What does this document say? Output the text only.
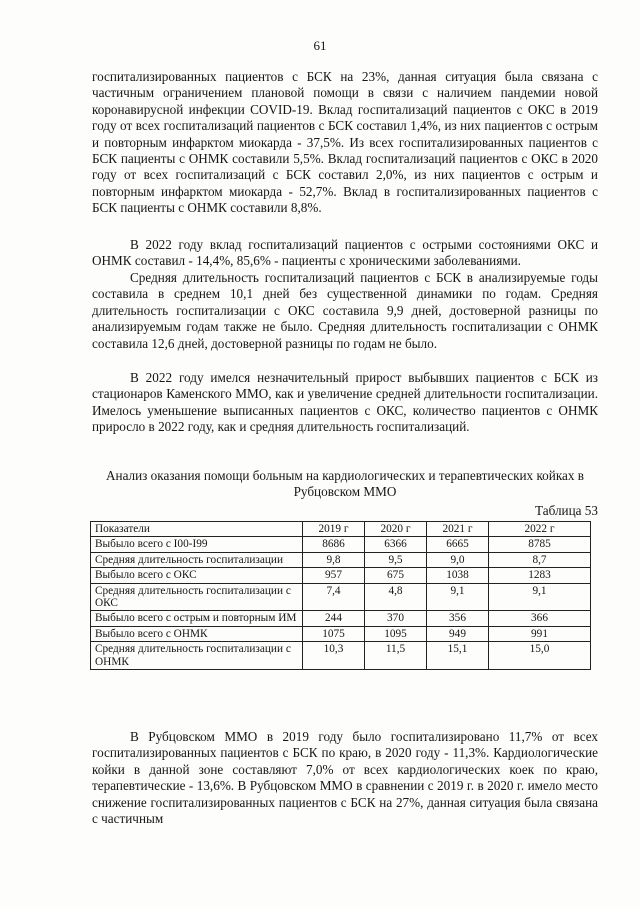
61

госпитализированных пациентов с БСК на 23%, данная ситуация была связана с частичным ограничением плановой помощи в связи с наличием пандемии новой коронавирусной инфекции COVID-19. Вклад госпитализаций пациентов с ОКС в 2019 году от всех госпитализаций пациентов с БСК составил 1,4%, из них пациентов с острым и повторным инфарктом миокарда - 37,5%. Из всех госпитализированных пациентов с БСК пациенты с ОНМК составили 5,5%. Вклад госпитализаций пациентов с ОКС в 2020 году от всех госпитализаций с БСК составил 2,0%, из них пациентов с острым и повторным инфарктом миокарда - 52,7%. Вклад в госпитализированных пациентов с БСК пациенты с ОНМК составили 8,8%.

В 2022 году вклад госпитализаций пациентов с острыми состояниями ОКС и ОНМК составил - 14,4%, 85,6% - пациенты с хроническими заболеваниями.

Средняя длительность госпитализаций пациентов с БСК в анализируемые годы составила в среднем 10,1 дней без существенной динамики по годам. Средняя длительность госпитализации с ОКС составила 9,9 дней, достоверной разницы по анализируемым годам также не было. Средняя длительность госпитализации с ОНМК составила 12,6 дней, достоверной разницы по годам не было.

В 2022 году имелся незначительный прирост выбывших пациентов с БСК из стационаров Каменского ММО, как и увеличение средней длительности госпитализации. Имелось уменьшение выписанных пациентов с ОКС, количество пациентов с ОНМК приросло в 2022 году, как и средняя длительность госпитализаций.

Анализ оказания помощи больным на кардиологических и терапевтических койках в Рубцовском ММО
Таблица 53
Показатели	2019 г	2020 г	2021 г	2022 г
Выбыло всего с I00-I99	8686	6366	6665	8785
Средняя длительность госпитализации	9,8	9,5	9,0	8,7
Выбыло всего с ОКС	957	675	1038	1283
Средняя длительность госпитализации с ОКС	7,4	4,8	9,1	9,1
Выбыло всего с острым и повторным ИМ	244	370	356	366
Выбыло всего с ОНМК	1075	1095	949	991
Средняя длительность госпитализации с ОНМК	10,3	11,5	15,1	15,0

В Рубцовском ММО в 2019 году было госпитализировано 11,7% от всех госпитализированных пациентов с БСК по краю, в 2020 году - 11,3%. Кардиологические койки в данной зоне составляют 7,0% от всех кардиологических коек по краю, терапевтические - 13,6%. В Рубцовском ММО в сравнении с 2019 г. в 2020 г. имело место снижение госпитализированных пациентов с БСК на 27%, данная ситуация была связана с частичным
